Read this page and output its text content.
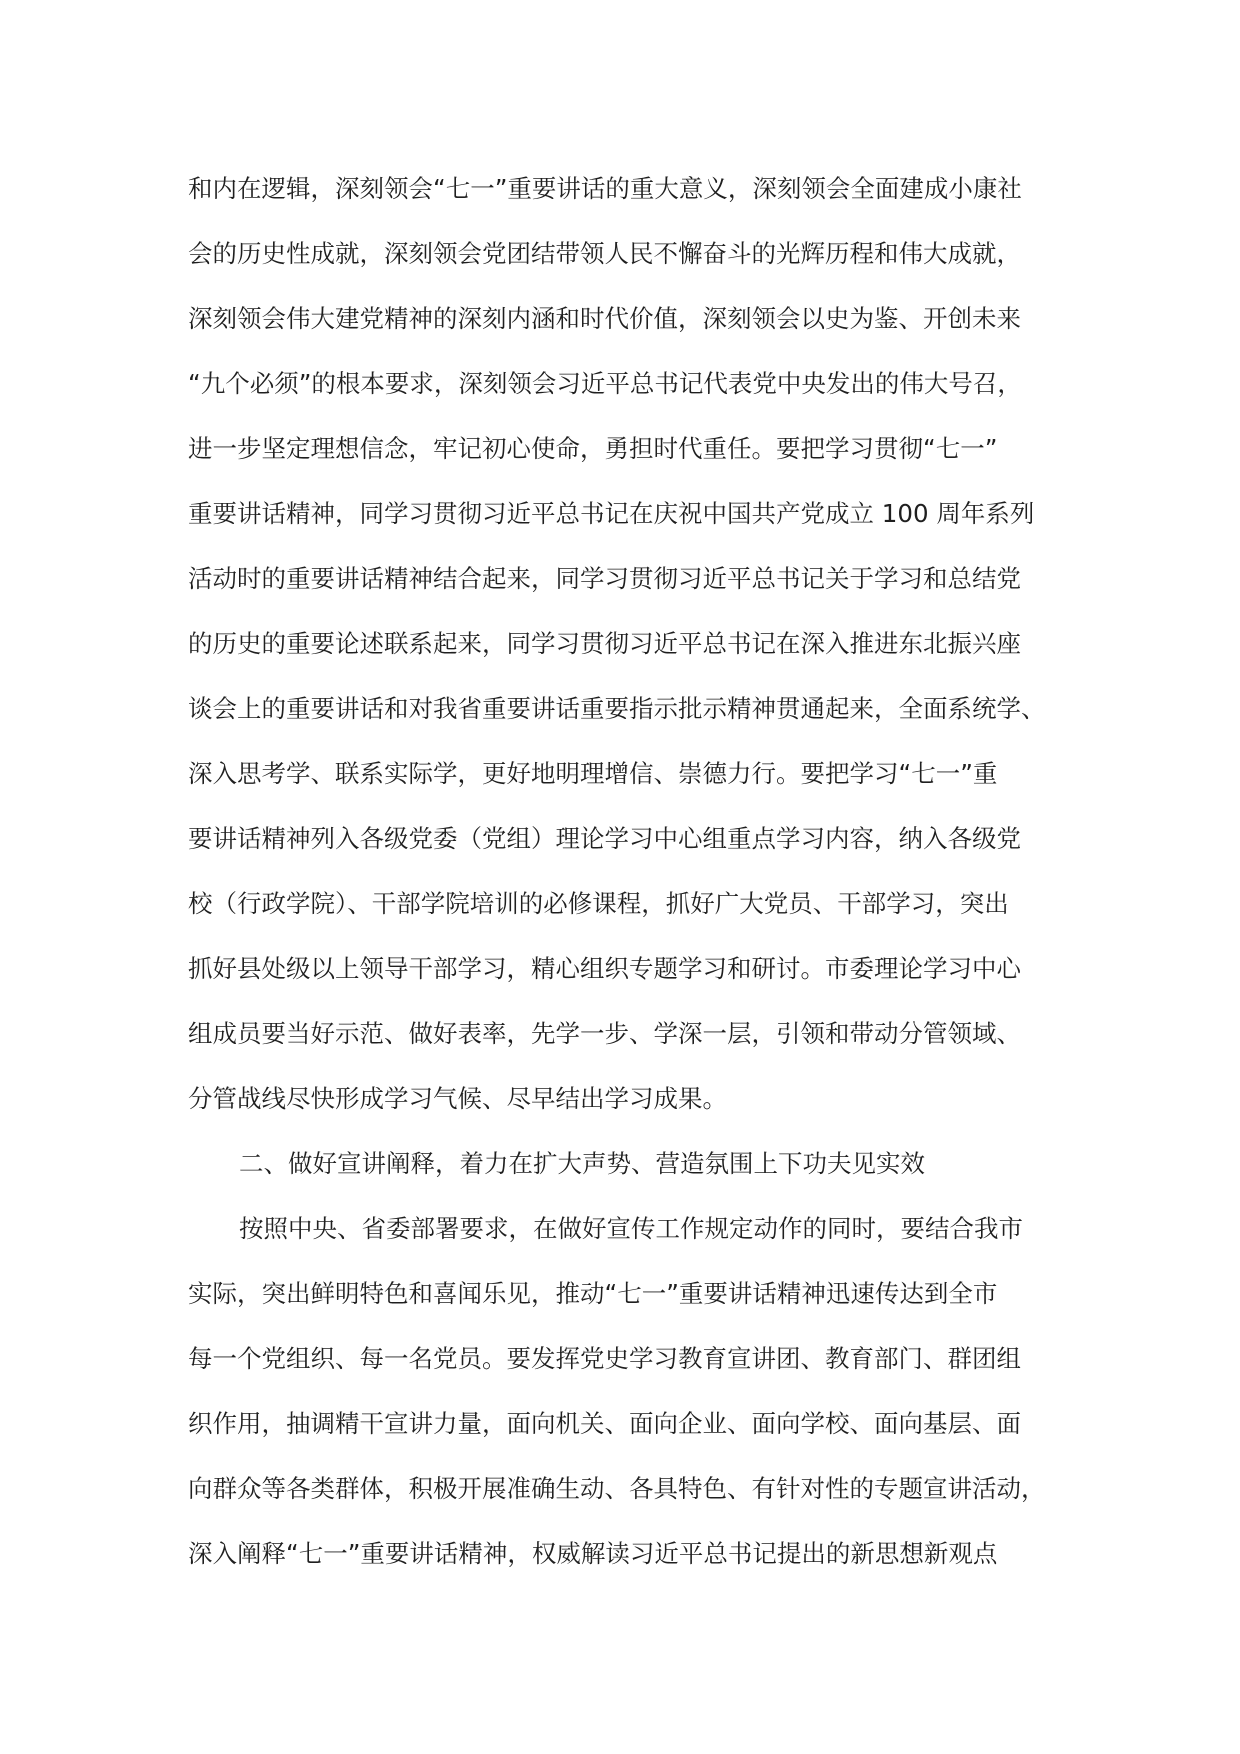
和内在逻辑，深刻领会“七一”重要讲话的重大意义，深刻领会全面建成小康社
会的历史性成就，深刻领会党团结带领人民不懈奋斗的光辉历程和伟大成就，
深刻领会伟大建党精神的深刻内涵和时代价值，深刻领会以史为鉴、开创未来
“九个必须”的根本要求，深刻领会习近平总书记代表党中央发出的伟大号召，
进一步坚定理想信念，牢记初心使命，勇担时代重任。要把学习贯彻“七一”
重要讲话精神，同学习贯彻习近平总书记在庆祝中国共产党成立 100 周年系列
活动时的重要讲话精神结合起来，同学习贯彻习近平总书记关于学习和总结党
的历史的重要论述联系起来，同学习贯彻习近平总书记在深入推进东北振兴座
谈会上的重要讲话和对我省重要讲话重要指示批示精神贯通起来，全面系统学、
深入思考学、联系实际学，更好地明理增信、崇德力行。要把学习“七一”重
要讲话精神列入各级党委（党组）理论学习中心组重点学习内容，纳入各级党
校（行政学院）、干部学院培训的必修课程，抓好广大党员、干部学习，突出
抓好县处级以上领导干部学习，精心组织专题学习和研讨。市委理论学习中心
组成员要当好示范、做好表率，先学一步、学深一层，引领和带动分管领域、
分管战线尽快形成学习气候、尽早结出学习成果。
二、做好宣讲阐释，着力在扩大声势、营造氛围上下功夫见实效
按照中央、省委部署要求，在做好宣传工作规定动作的同时，要结合我市
实际，突出鲜明特色和喜闻乐见，推动“七一”重要讲话精神迅速传达到全市
每一个党组织、每一名党员。要发挥党史学习教育宣讲团、教育部门、群团组
织作用，抽调精干宣讲力量，面向机关、面向企业、面向学校、面向基层、面
向群众等各类群体，积极开展准确生动、各具特色、有针对性的专题宣讲活动，
深入阐释“七一”重要讲话精神，权威解读习近平总书记提出的新思想新观点
